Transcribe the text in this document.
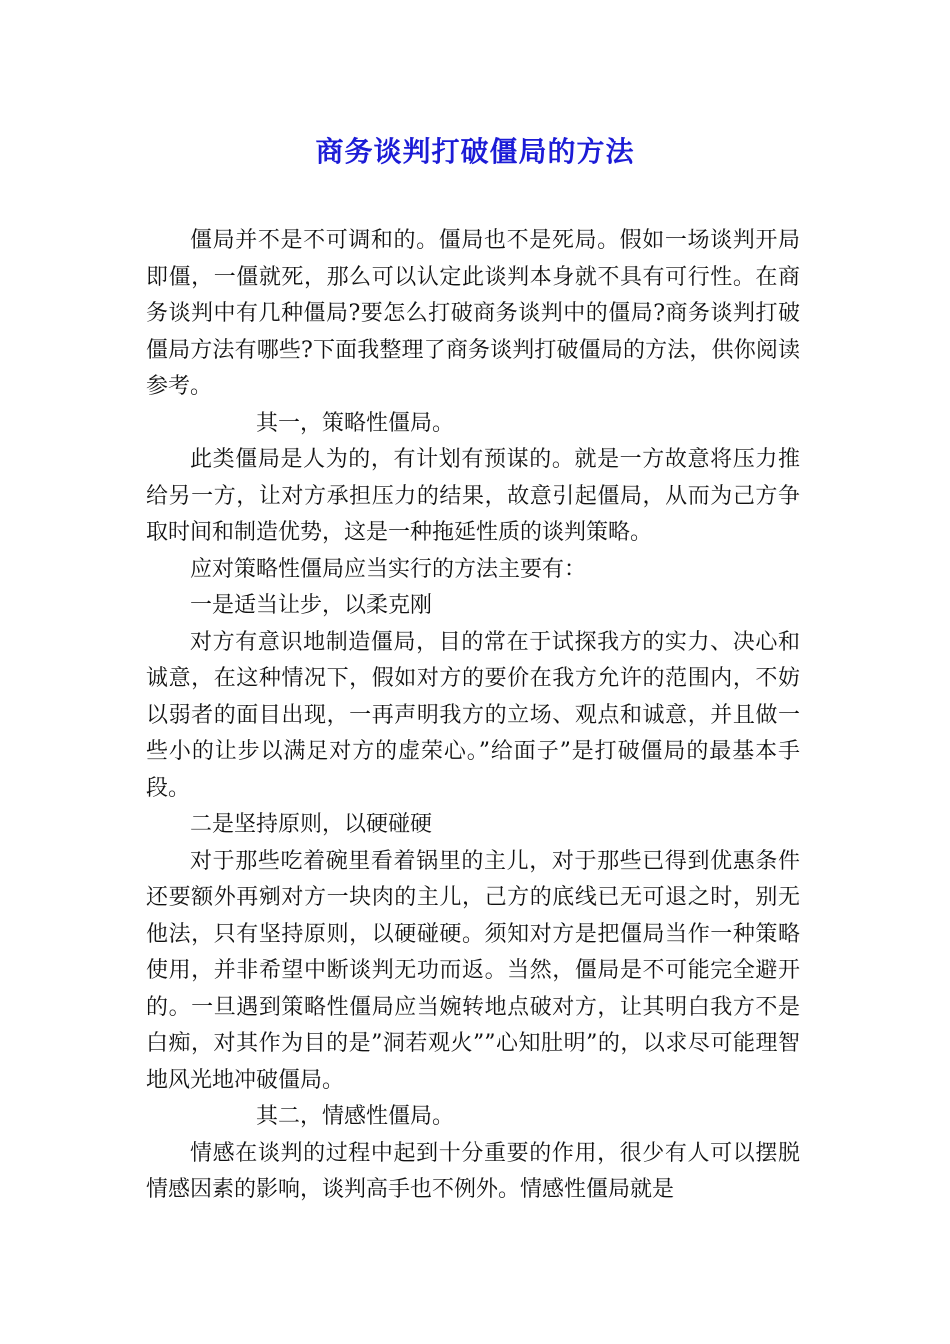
商务谈判打破僵局的方法

僵局并不是不可调和的。僵局也不是死局。假如一场谈判开局即僵，一僵就死，那么可以认定此谈判本身就不具有可行性。在商务谈判中有几种僵局?要怎么打破商务谈判中的僵局?商务谈判打破僵局方法有哪些?下面我整理了商务谈判打破僵局的方法，供你阅读参考。

其一，策略性僵局。

此类僵局是人为的，有计划有预谋的。就是一方故意将压力推给另一方，让对方承担压力的结果，故意引起僵局，从而为己方争取时间和制造优势，这是一种拖延性质的谈判策略。

应对策略性僵局应当实行的方法主要有：

一是适当让步，以柔克刚

对方有意识地制造僵局，目的常在于试探我方的实力、决心和诚意，在这种情况下，假如对方的要价在我方允许的范围内，不妨以弱者的面目出现，一再声明我方的立场、观点和诚意，并且做一些小的让步以满足对方的虚荣心。”给面子”是打破僵局的最基本手段。

二是坚持原则，以硬碰硬

对于那些吃着碗里看着锅里的主儿，对于那些已得到优惠条件还要额外再剜对方一块肉的主儿，己方的底线已无可退之时，别无他法，只有坚持原则，以硬碰硬。须知对方是把僵局当作一种策略使用，并非希望中断谈判无功而返。当然，僵局是不可能完全避开的。一旦遇到策略性僵局应当婉转地点破对方，让其明白我方不是白痴，对其作为目的是”洞若观火””心知肚明”的，以求尽可能理智地风光地冲破僵局。

其二，情感性僵局。

情感在谈判的过程中起到十分重要的作用，很少有人可以摆脱情感因素的影响，谈判高手也不例外。情感性僵局就是
